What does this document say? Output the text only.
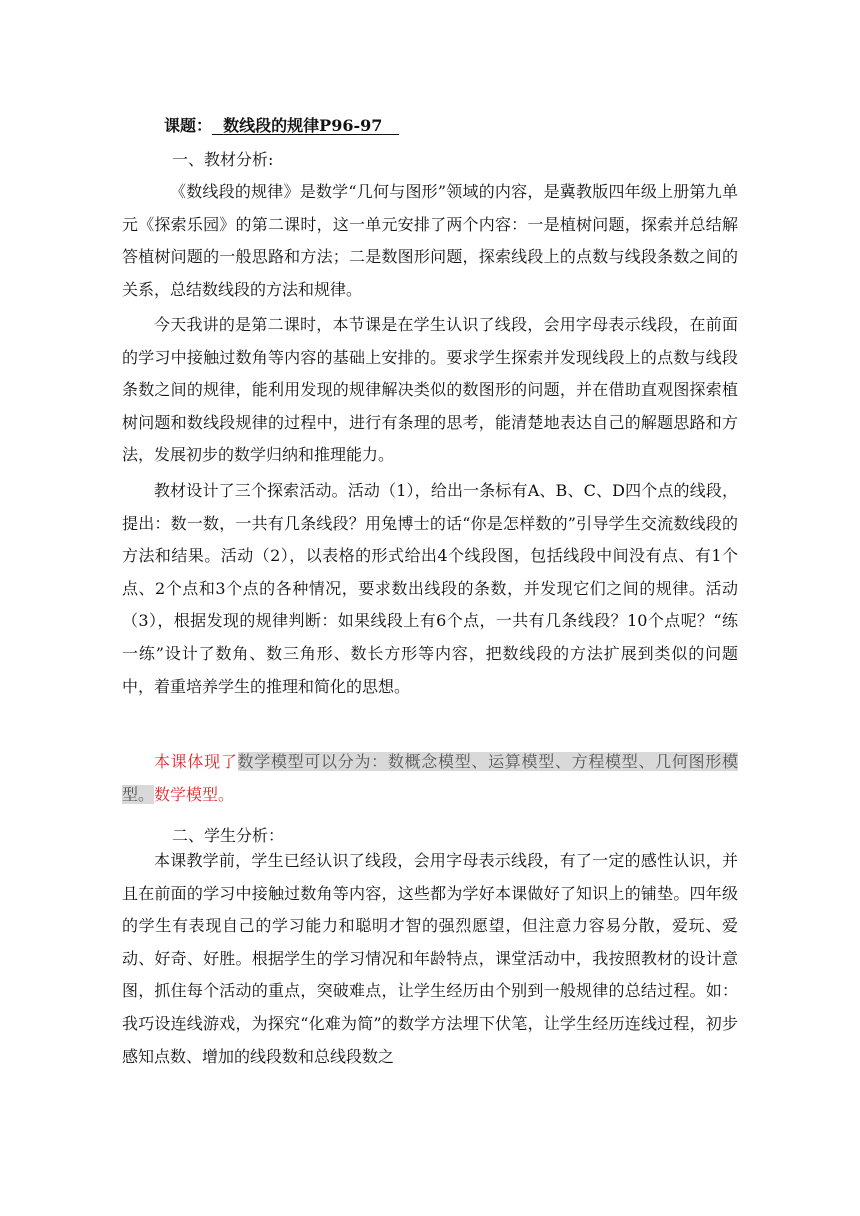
课题： 数线段的规律P96-97
一、教材分析:
《数线段的规律》是数学“几何与图形”领域的内容，是冀教版四年级上册第九单元《探索乐园》的第二课时，这一单元安排了两个内容：一是植树问题，探索并总结解答植树问题的一般思路和方法；二是数图形问题，探索线段上的点数与线段条数之间的关系，总结数线段的方法和规律。
今天我讲的是第二课时，本节课是在学生认识了线段，会用字母表示线段，在前面的学习中接触过数角等内容的基础上安排的。要求学生探索并发现线段上的点数与线段条数之间的规律，能利用发现的规律解决类似的数图形的问题，并在借助直观图探索植树问题和数线段规律的过程中，进行有条理的思考，能清楚地表达自己的解题思路和方法，发展初步的数学归纳和推理能力。
教材设计了三个探索活动。活动（1），给出一条标有A、B、C、D四个点的线段，提出：数一数，一共有几条线段？用兔博士的话“你是怎样数的”引导学生交流数线段的方法和结果。活动（2），以表格的形式给出4个线段图，包括线段中间没有点、有1个点、2个点和3个点的各种情况，要求数出线段的条数，并发现它们之间的规律。活动（3），根据发现的规律判断：如果线段上有6个点，一共有几条线段？10个点呢？“练一练”设计了数角、数三角形、数长方形等内容，把数线段的方法扩展到类似的问题中，着重培养学生的推理和简化的思想。
本课体现了数学模型可以分为：数概念模型、运算模型、方程模型、几何图形模型。数学模型。
二、学生分析：
本课教学前，学生已经认识了线段，会用字母表示线段，有了一定的感性认识，并且在前面的学习中接触过数角等内容，这些都为学好本课做好了知识上的铺垫。四年级的学生有表现自己的学习能力和聪明才智的强烈愿望，但注意力容易分散，爱玩、爱动、好奇、好胜。根据学生的学习情况和年龄特点，课堂活动中，我按照教材的设计意图，抓住每个活动的重点，突破难点，让学生经历由个别到一般规律的总结过程。如：我巧设连线游戏，为探究“化难为简”的数学方法埋下伏笔，让学生经历连线过程，初步感知点数、增加的线段数和总线段数之
